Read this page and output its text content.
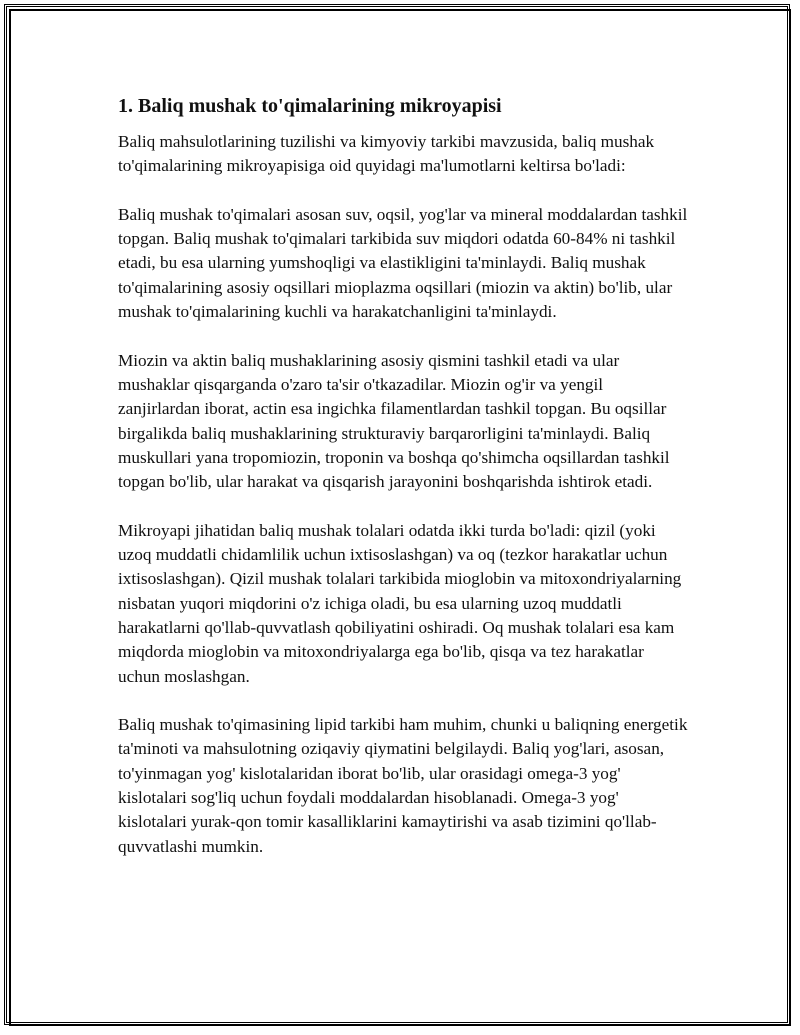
1. Baliq mushak to'qimalarining mikroyapisi

Baliq mahsulotlarining tuzilishi va kimyoviy tarkibi mavzusida, baliq mushak to'qimalarining mikroyapisiga oid quyidagi ma'lumotlarni keltirsa bo'ladi:

Baliq mushak to'qimalari asosan suv, oqsil, yog'lar va mineral moddalardan tashkil topgan. Baliq mushak to'qimalari tarkibida suv miqdori odatda 60-84% ni tashkil etadi, bu esa ularning yumshoqligi va elastikligini ta'minlaydi. Baliq mushak to'qimalarining asosiy oqsillari mioplazma oqsillari (miozin va aktin) bo'lib, ular mushak to'qimalarining kuchli va harakatchanligini ta'minlaydi.

Miozin va aktin baliq mushaklarining asosiy qismini tashkil etadi va ular mushaklar qisqarganda o'zaro ta'sir o'tkazadilar. Miozin og'ir va yengil zanjirlardan iborat, actin esa ingichka filamentlardan tashkil topgan. Bu oqsillar birgalikda baliq mushaklarining strukturaviy barqarorligini ta'minlaydi. Baliq muskullari yana tropomiozin, troponin va boshqa qo'shimcha oqsillardan tashkil topgan bo'lib, ular harakat va qisqarish jarayonini boshqarishda ishtirok etadi.

Mikroyapi jihatidan baliq mushak tolalari odatda ikki turda bo'ladi: qizil (yoki uzoq muddatli chidamlilik uchun ixtisoslashgan) va oq (tezkor harakatlar uchun ixtisoslashgan). Qizil mushak tolalari tarkibida mioglobin va mitoxondriyalarning nisbatan yuqori miqdorini o'z ichiga oladi, bu esa ularning uzoq muddatli harakatlarni qo'llab-quvvatlash qobiliyatini oshiradi. Oq mushak tolalari esa kam miqdorda mioglobin va mitoxondriyalarga ega bo'lib, qisqa va tez harakatlar uchun moslashgan.

Baliq mushak to'qimasining lipid tarkibi ham muhim, chunki u baliqning energetik ta'minoti va mahsulotning oziqaviy qiymatini belgilaydi. Baliq yog'lari, asosan, to'yinmagan yog' kislotalaridan iborat bo'lib, ular orasidagi omega-3 yog' kislotalari sog'liq uchun foydali moddalardan hisoblanadi. Omega-3 yog' kislotalari yurak-qon tomir kasalliklarini kamaytirishi va asab tizimini qo'llab-quvvatlashi mumkin.
